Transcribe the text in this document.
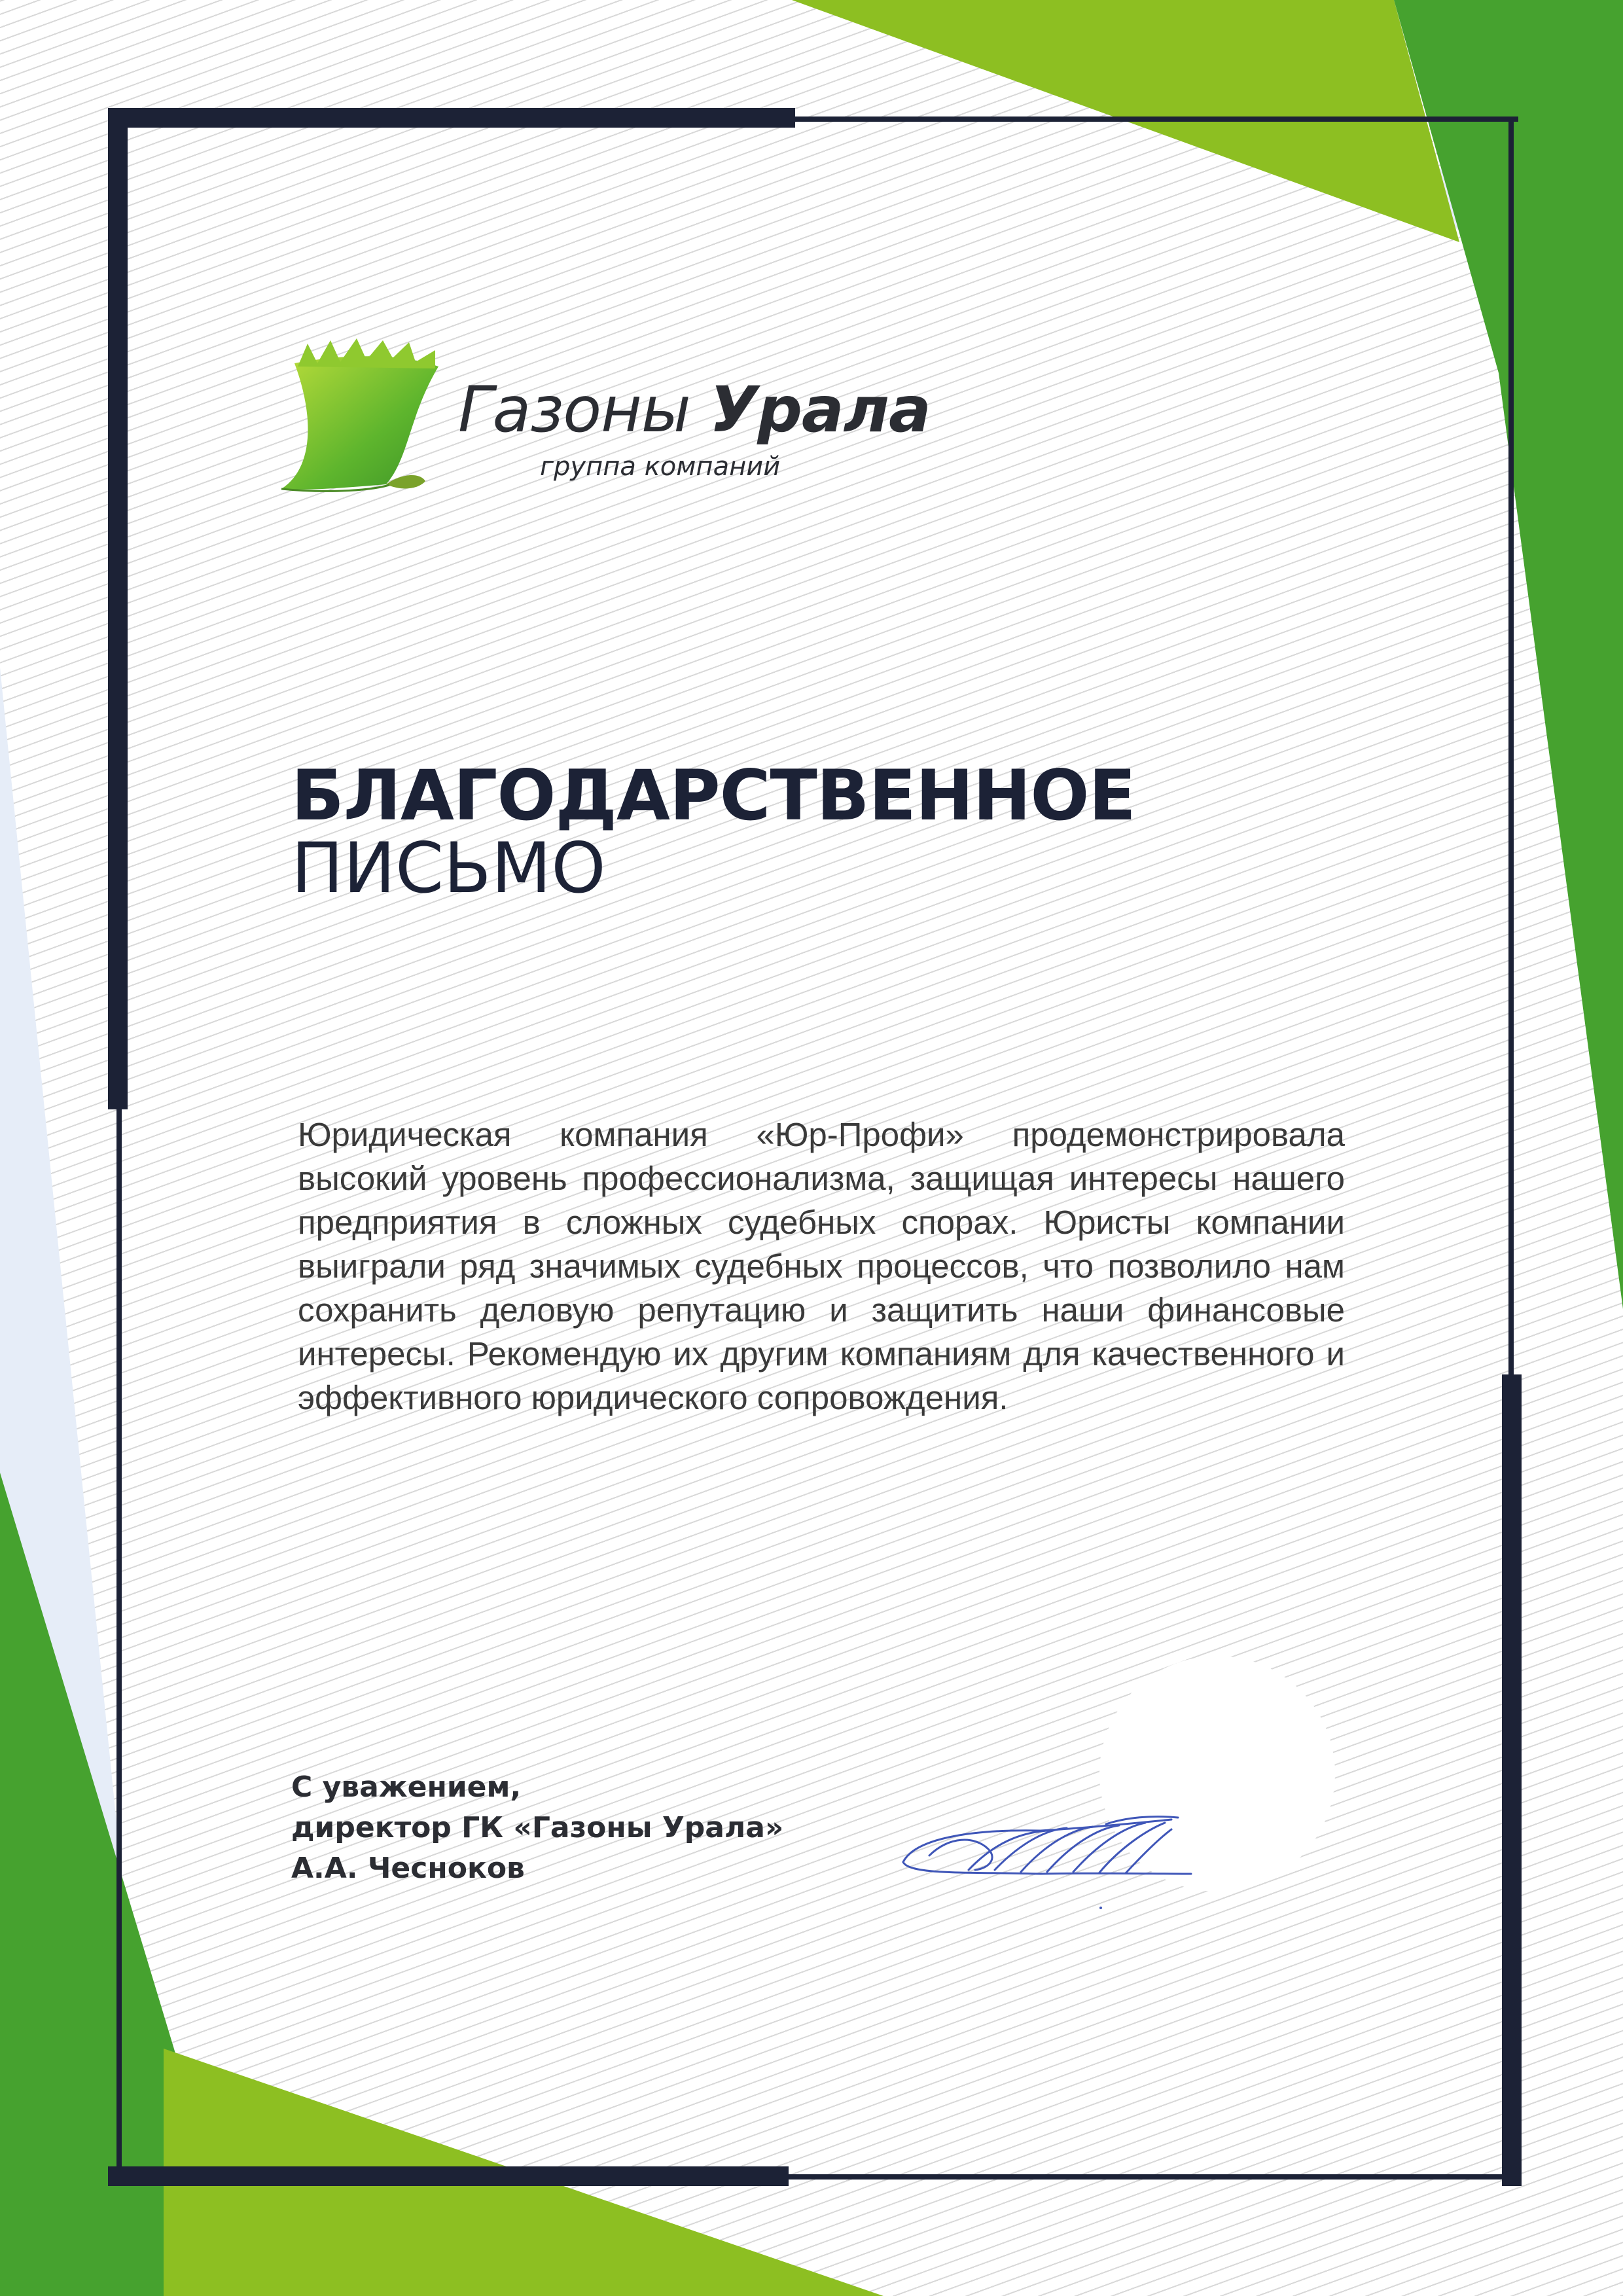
Газоны Урала
группа компаний
БЛАГОДАРСТВЕННОЕ
ПИСЬМО
Юридическая компания «Юр-Профи» продемонстрировала высокий уровень профессионализма, защищая интересы нашего предприятия в сложных судебных спорах. Юристы компании выиграли ряд значимых судебных процессов, что позволило нам сохранить деловую репутацию и защитить наши финансовые интересы. Рекомендую их другим компаниям для качественного и эффективного юридического сопровождения.
С уважением,
директор ГК «Газоны Урала»
А.А. Чесноков
